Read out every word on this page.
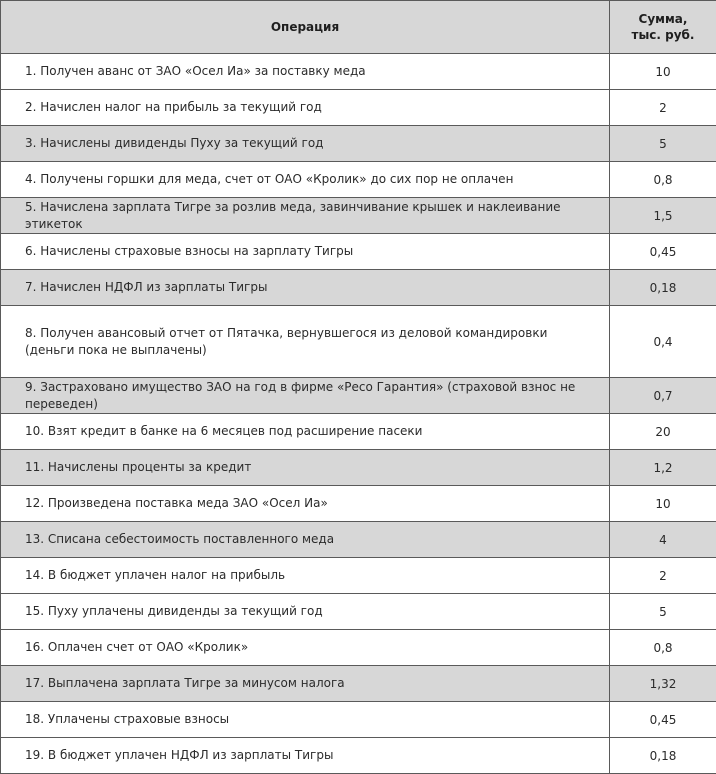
Операция	Сумма, тыс. руб.
1. Получен аванс от ЗАО «Осел Иа» за поставку меда	10
2. Начислен налог на прибыль за текущий год	2
3. Начислены дивиденды Пуху за текущий год	5
4. Получены горшки для меда, счет от ОАО «Кролик» до сих пор не оплачен	0,8
5. Начислена зарплата Тигре за розлив меда, завинчивание крышек и наклеивание этикеток	1,5
6. Начислены страховые взносы на зарплату Тигры	0,45
7. Начислен НДФЛ из зарплаты Тигры	0,18
8. Получен авансовый отчет от Пятачка, вернувшегося из деловой командировки (деньги пока не выплачены)	0,4
9. Застраховано имущество ЗАО на год в фирме «Ресо Гарантия» (страховой взнос не переведен)	0,7
10. Взят кредит в банке на 6 месяцев под расширение пасеки	20
11. Начислены проценты за кредит	1,2
12. Произведена поставка меда ЗАО «Осел Иа»	10
13. Списана себестоимость поставленного меда	4
14. В бюджет уплачен налог на прибыль	2
15. Пуху уплачены дивиденды за текущий год	5
16. Оплачен счет от ОАО «Кролик»	0,8
17. Выплачена зарплата Тигре за минусом налога	1,32
18. Уплачены страховые взносы	0,45
19. В бюджет уплачен НДФЛ из зарплаты Тигры	0,18
